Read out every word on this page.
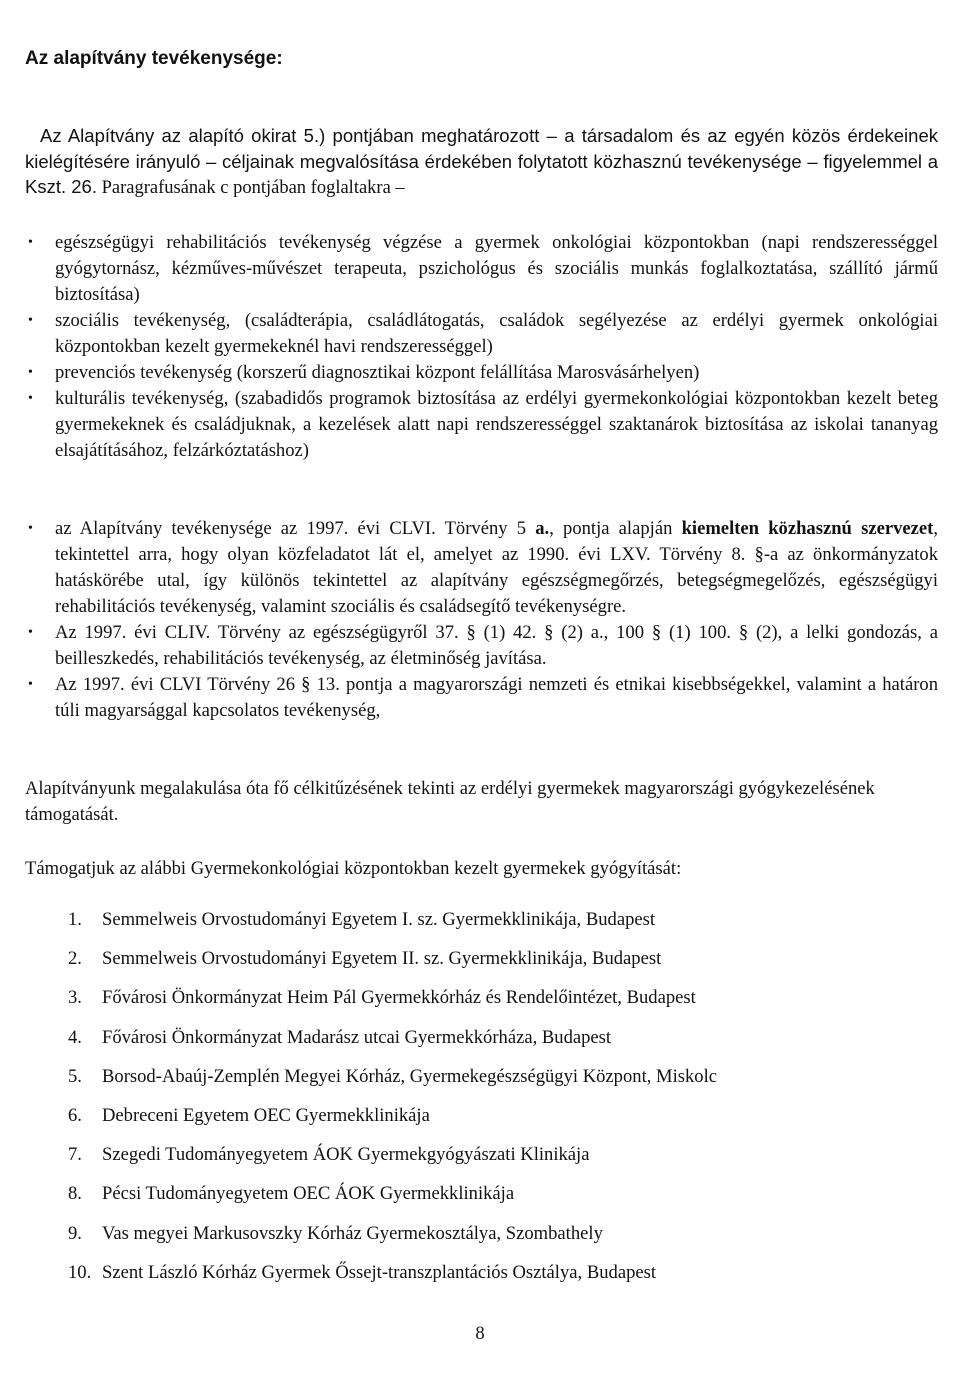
Az alapítvány tevékenysége:

Az Alapítvány az alapító okirat 5.) pontjában meghatározott – a társadalom és az egyén közös érdekeinek kielégítésére irányuló – céljainak megvalósítása érdekében folytatott közhasznú tevékenysége – figyelemmel a Kszt. 26. Paragrafusának c pontjában foglaltakra –

• egészségügyi rehabilitációs tevékenység végzése a gyermek onkológiai központokban (napi rendszerességgel gyógytornász, kézműves-művészet terapeuta, pszichológus és szociális munkás foglalkoztatása, szállító jármű biztosítása)
• szociális tevékenység, (családterápia, családlátogatás, családok segélyezése az erdélyi gyermek onkológiai központokban kezelt gyermekeknél havi rendszerességgel)
• prevenciós tevékenység (korszerű diagnosztikai központ felállítása Marosvásárhelyen)
• kulturális tevékenység, (szabadidős programok biztosítása az erdélyi gyermekonkológiai központokban kezelt beteg gyermekeknek és családjuknak, a kezelések alatt napi rendszerességgel szaktanárok biztosítása az iskolai tananyag elsajátításához, felzárkóztatáshoz)
• az Alapítvány tevékenysége az 1997. évi CLVI. Törvény 5 a., pontja alapján kiemelten közhasznú szervezet, tekintettel arra, hogy olyan közfeladatot lát el, amelyet az 1990. évi LXV. Törvény 8. §-a az önkormányzatok hatáskörébe utal, így különös tekintettel az alapítvány egészségmegőrzés, betegségmegelőzés, egészségügyi rehabilitációs tevékenység, valamint szociális és családsegítő tevékenységre.
• Az 1997. évi CLIV. Törvény az egészségügyről 37. § (1) 42. § (2) a., 100 § (1) 100. § (2), a lelki gondozás, a beilleszkedés, rehabilitációs tevékenység, az életminőség javítása.
• Az 1997. évi CLVI Törvény 26 § 13. pontja a magyarországi nemzeti és etnikai kisebbségekkel, valamint a határon túli magyarsággal kapcsolatos tevékenység,

Alapítványunk megalakulása óta fő célkitűzésének tekinti az erdélyi gyermekek magyarországi gyógykezelésének támogatását.

Támogatjuk az alábbi Gyermekonkológiai központokban kezelt gyermekek gyógyítását:

1. Semmelweis Orvostudományi Egyetem I. sz. Gyermekklinikája, Budapest
2. Semmelweis Orvostudományi Egyetem II. sz. Gyermekklinikája, Budapest
3. Fővárosi Önkormányzat Heim Pál Gyermekkórház és Rendelőintézet, Budapest
4. Fővárosi Önkormányzat Madarász utcai Gyermekkórháza, Budapest
5. Borsod-Abaúj-Zemplén Megyei Kórház, Gyermekegészségügyi Központ, Miskolc
6. Debreceni Egyetem OEC Gyermekklinikája
7. Szegedi Tudományegyetem ÁOK Gyermekgyógyászati Klinikája
8. Pécsi Tudományegyetem OEC ÁOK Gyermekklinikája
9. Vas megyei Markusovszky Kórház Gyermekosztálya, Szombathely
10. Szent László Kórház Gyermek Őssejt-transzplantációs Osztálya, Budapest
8
